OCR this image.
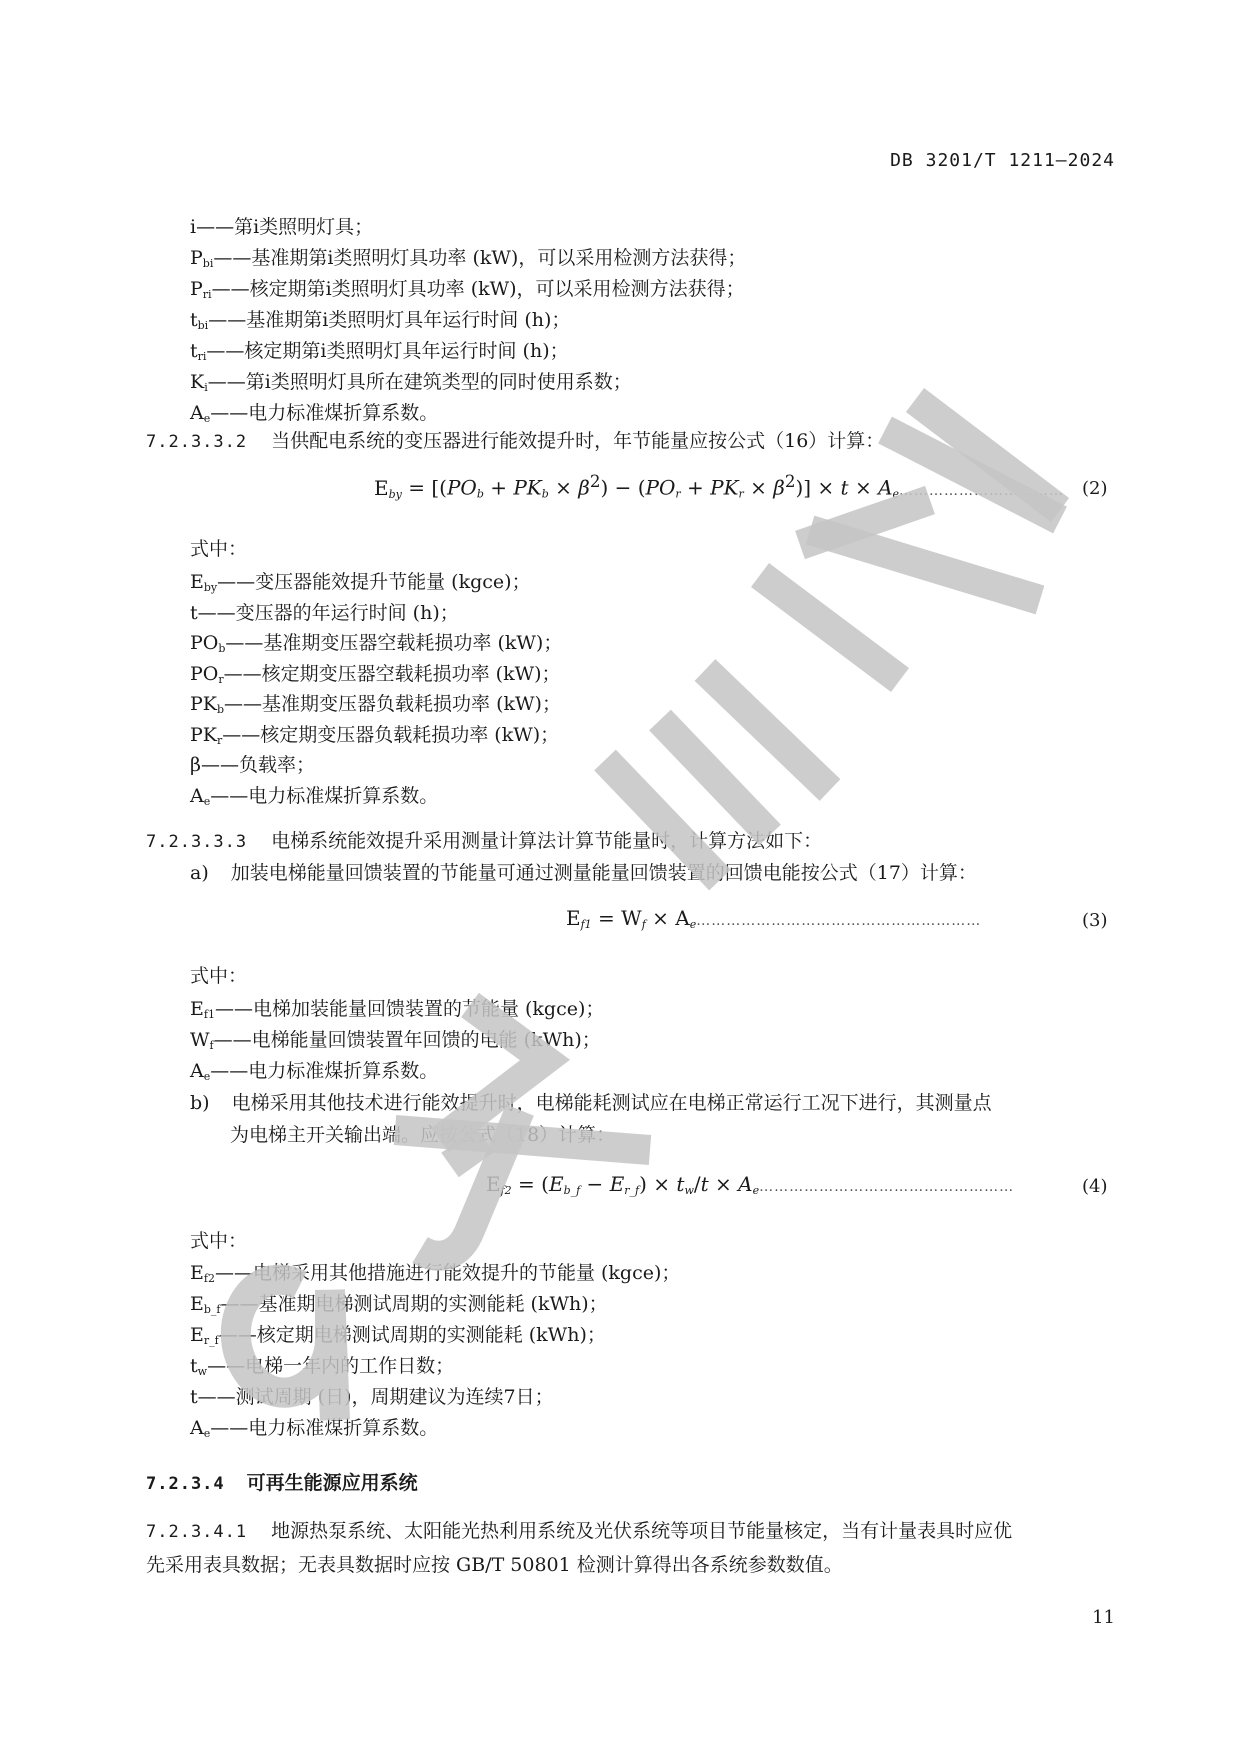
DB 3201/T 1211—2024
i——第i类照明灯具；
$P_{bi}——$基准期第i类照明灯具功率 (kW)，可以采用检测方法获得；
$P_{ri}——$核定期第i类照明灯具功率 (kW)，可以采用检测方法获得；
$t_{bi}——$基准期第i类照明灯具年运行时间 (h)；
$t_{ri}——$核定期第i类照明灯具年运行时间 (h)；
$K_i——$第i类照明灯具所在建筑类型的同时使用系数；
$A_e——$电力标准煤折算系数。
7.2.3.3.2 当供配电系统的变压器进行能效提升时，年节能量应按公式（16）计算：
$E_{by} = [(PO_b + PK_b \times \beta^2) - (PO_r + PK_r \times \beta^2)] \times t \times A_e$ …………………………… (2)
式中：
$E_{by}——$变压器能效提升节能量 (kgce)；
t——变压器的年运行时间 (h)；
$PO_b——$基准期变压器空载耗损功率 (kW)；
$PO_r——$核定期变压器空载耗损功率 (kW)；
$PK_b——$基准期变压器负载耗损功率 (kW)；
$PK_r——$核定期变压器负载耗损功率 (kW)；
β——负载率；
$A_e——$电力标准煤折算系数。
7.2.3.3.3 电梯系统能效提升采用测量计算法计算节能量时，计算方法如下：
a) 加装电梯能量回馈装置的节能量可通过测量能量回馈装置的回馈电能按公式（17）计算：
$E_{f1} = W_f \times A_e$ …………………………………………………	(3)
式中：
$E_{f1}——$电梯加装能量回馈装置的节能量 (kgce)；
$W_f——$电梯能量回馈装置年回馈的电能 (kWh)；
$A_e——$电力标准煤折算系数。
b) 电梯采用其他技术进行能效提升时，电梯能耗测试应在电梯正常运行工况下进行，其测量点
为电梯主开关输出端。应按公式（18）计算：
$E_{f2} = (E_{b\_f} - E_{r\_f}) \times t_w/t \times A_e$ ……………………………………………	(4)
式中：
$E_{f2}——$电梯采用其他措施进行能效提升的节能量 (kgce)；
$E_{b\_f}——$基准期电梯测试周期的实测能耗 (kWh)；
$E_{r\_f}——$核定期电梯测试周期的实测能耗 (kWh)；
$t_w——$电梯一年内的工作日数；
t——测试周期 (日)，周期建议为连续7日；
$A_e——$电力标准煤折算系数。
7.2.3.4 可再生能源应用系统
7.2.3.4.1 地源热泵系统、太阳能光热利用系统及光伏系统等项目节能量核定，当有计量表具时应优
先采用表具数据；无表具数据时应按 GB/T 50801 检测计算得出各系统参数数值。
11
